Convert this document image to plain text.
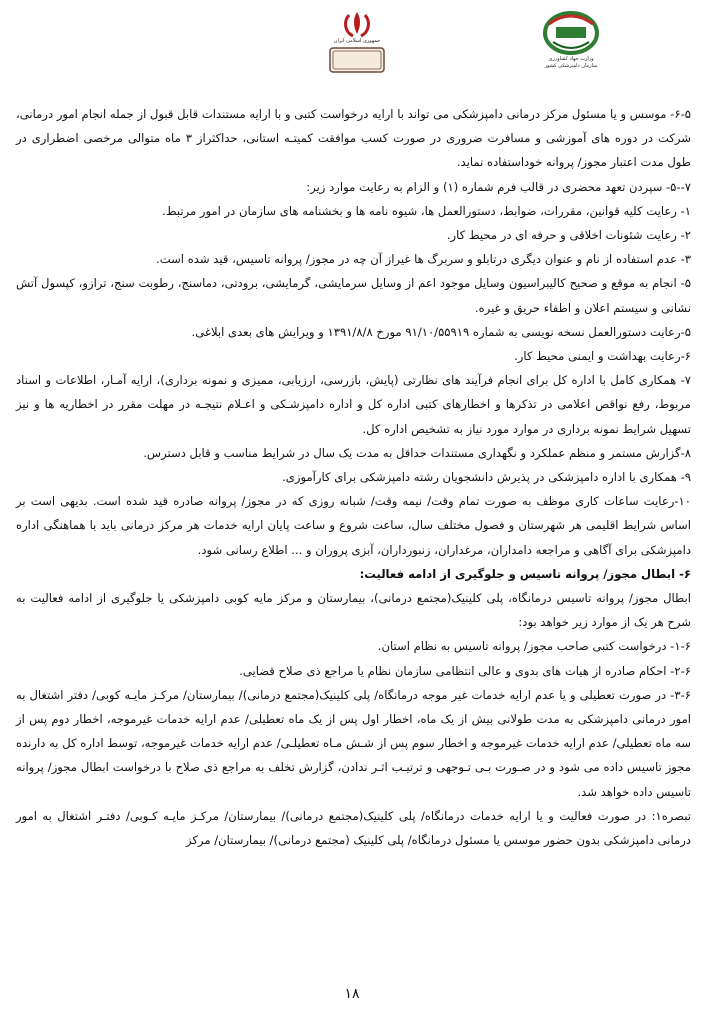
وزارت جهاد کشاورزی
سازمان دامپزشکی کشور
جمهوری اسلامی ایران

۶-۵- موسس و یا مسئول مرکز درمانی دامپزشکی می تواند با ارایه درخواست کتبی و با ارایه مستندات قابل قبول از جمله انجام امور درمانی، شرکت در دوره های آموزشی و مسافرت ضروری در صورت کسب موافقت کمیتـه استانی، حداکثراز ۳ ماه متوالی مرخصی اضطراری در طول مدت اعتبار مجوز/ پروانه خوداستفاده نماید.

۷--۵- سپردن تعهد محضری در قالب فرم شماره (۱) و الزام به رعایت موارد زیر:

۱- رعایت کلیه قوانین، مقررات، ضوابط، دستورالعمل ها، شیوه نامه ها و بخشنامه های سازمان در امور مرتبط.

۲- رعایت شئونات اخلاقی و حرفه ای در محیط کار.

۳- عدم استفاده از نام و عنوان دیگری درتابلو و سربرگ ها غیراز آن چه در مجوز/ پروانه تاسیس، قید شده است.

۵- انجام به موقع و صحیح کالیبراسیون وسایل موجود اعم از وسایل سرمایشی، گرمایشی، برودتی، دماسنج، رطوبت سنج، ترازو، کپسول آتش نشانی و سیستم اعلان و اطفاء حریق و غیره.

۵-رعایت دستورالعمل نسخه نویسی به شماره ۹۱/۱۰/۵۵۹۱۹ مورخ ۱۳۹۱/۸/۸ و ویرایش های بعدی ابلاغی.

۶-رعایت بهداشت و ایمنی محیط کار.

۷- همکاری کامل با اداره کل برای انجام فرآیند های نظارتی (پایش، بازرسی، ارزیابی، ممیزی و نمونه برداری)، ارایه آمـار، اطلاعات و اسناد مربوط، رفع نواقص اعلامی در تذکرها و اخطارهای کتبی اداره کل و اداره دامپزشـکی و اعـلام نتیجـه در مهلت مقرر در اخطاریه ها و نیز تسهیل شرایط نمونه برداری در موارد مورد نیاز به تشخیص اداره کل.

۸-گزارش مستمر و منظم عملکرد و نگهداری مستندات حداقل به مدت یک سال در شرایط مناسب و قابل دسترس.

۹- همکاری با اداره دامپزشکی در پذیرش دانشجویان رشته دامپزشکی برای کارآموزی.

۱۰-رعایت ساعات کاری موظف به صورت تمام وقت/ نیمه وقت/ شبانه روزی که در مجوز/ پروانه صادره قید شده است. بدیهی است بر اساس شرایط اقلیمی هر شهرستان و فصول مختلف سال، ساعت شروع و ساعت پایان ارایه خدمات هر مرکز درمانی باید با هماهنگی اداره دامپزشکی برای آگاهی و مراجعه دامداران، مرغداران، زنبورداران، آبزی پروران و ... اطلاع رسانی شود.

۶- ابطال مجوز/ پروانه تاسیس و جلوگیری از ادامه فعالیت:

ابطال مجوز/ پروانه تاسیس درمانگاه، پلی کلینیک(مجتمع درمانی)، بیمارستان و مرکز مایه کوبی دامپزشکی یا جلوگیری از ادامه فعالیت به شرح هر یک از موارد زیر خواهد بود:

۱-۶- درخواست کتبی صاحب مجوز/ پروانه تاسیس به نظام استان.

۲-۶- احکام صادره از هیات های بدوی و عالی انتظامی سازمان نظام یا مراجع ذی صلاح قضایی.

۳-۶- در صورت تعطیلی و یا عدم ارایه خدمات غیر موجه درمانگاه/ پلی کلینیک(مجتمع درمانی)/ بیمارستان/ مرکـز مایـه کوبی/ دفتر اشتغال به امور درمانی دامپزشکی به مدت طولانی بیش از یک ماه، اخطار اول پس از یک ماه تعطیلی/ عدم ارایه خدمات غیرموجه، اخطار دوم پس از سه ماه تعطیلی/ عدم ارایه خدمات غیرموجه و اخطار سوم پس از شـش مـاه تعطیلـی/ عدم ارایه خدمات غیرموجه، توسط اداره کل به دارنده مجوز تاسیس داده می شود و در صـورت بـی تـوجهی و ترتیـب اثـر ندادن، گزارش تخلف به مراجع ذی صلاح با درخواست ابطال مجوز/ پروانه تاسیس داده خواهد شد.

تبصره۱: در صورت فعالیت و یا ارایه خدمات درمانگاه/ پلی کلینیک(مجتمع درمانی)/ بیمارستان/ مرکـز مایـه کـوبی/ دفتـر اشتغال به امور درمانی دامپزشکی بدون حضور موسس یا مسئول درمانگاه/ پلی کلینیک (مجتمع درمانی)/ بیمارستان/ مرکز

۱۸
